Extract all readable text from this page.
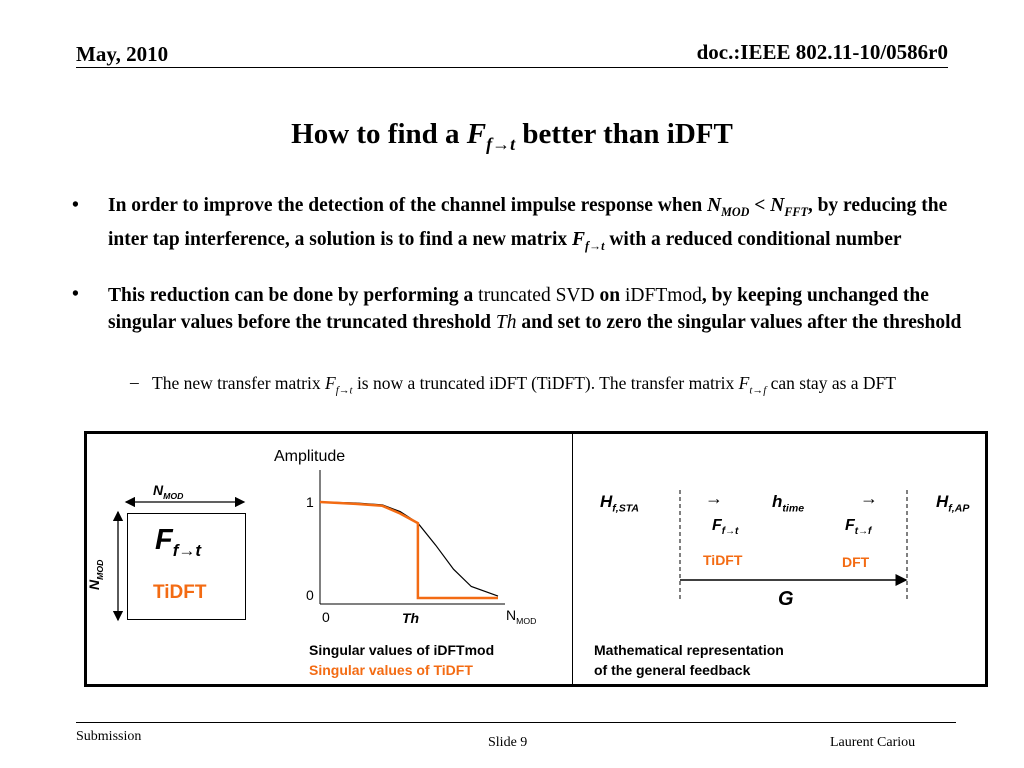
May, 2010	doc.:IEEE 802.11-10/0586r0
How to find a $F_{f\to t}$ better than iDFT
• In order to improve the detection of the channel impulse response when $N_{MOD} < N_{FFT}$, by reducing the inter tap interference, a solution is to find a new matrix $F_{f\to t}$ with a reduced conditional number
• This reduction can be done by performing a truncated SVD on iDFTmod, by keeping unchanged the singular values before the truncated threshold Th and set to zero the singular values after the threshold
– The new transfer matrix $F_{f\to t}$ is now a truncated iDFT (TiDFT). The transfer matrix $F_{t\to f}$ can stay as a DFT
$N_{MOD}$
$N_{MOD}$
$F_{f\to t}$
TiDFT
Amplitude
1
0
0	Th	$N_{MOD}$
Singular values of iDFTmod
Singular values of TiDFT
$H_{f,STA}$
→	$h_{time}$
→	$H_{f,AP}$
$F_{f\to t}$	$F_{t\to f}$
TiDFT	DFT
G
Mathematical representation
of the general feedback
Submission	Slide 9	Laurent Cariou
